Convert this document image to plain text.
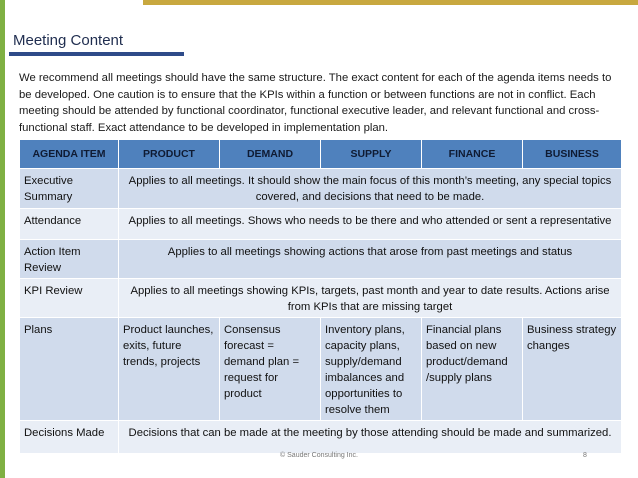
Meeting Content

We recommend all meetings should have the same structure. The exact content for each of the agenda items needs to be developed. One caution is to ensure that the KPIs within a function or between functions are not in conflict. Each meeting should be attended by functional coordinator, functional executive leader, and relevant functional and cross-functional staff. Exact attendance to be developed in implementation plan.

AGENDA ITEM	PRODUCT	DEMAND	SUPPLY	FINANCE	BUSINESS
Executive Summary	Applies to all meetings. It should show the main focus of this month’s meeting, any special topics covered, and decisions that need to be made.				
Attendance	Applies to all meetings. Shows who needs to be there and who attended or sent a representative				
Action Item Review	Applies to all meetings showing actions that arose from past meetings and status				
KPI Review	Applies to all meetings showing KPIs, targets, past month and year to date results. Actions arise from KPIs that are missing target				
Plans	Product launches, exits, future trends, projects	Consensus forecast = demand plan = request for product	Inventory plans, capacity plans, supply/demand imbalances and opportunities to resolve them	Financial plans based on new product/demand /supply plans	Business strategy changes
Decisions Made	Decisions that can be made at the meeting by those attending should be made and summarized.				
© Sauder Consulting Inc.	8
